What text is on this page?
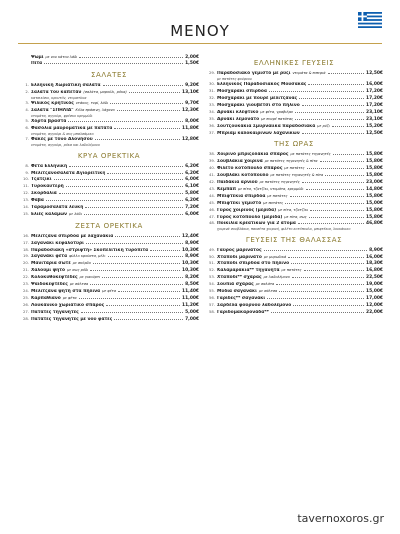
ΜΕΝΟΥ
Ψωμί με νου κάτου λάδι	2,00€
Πίτα	1,50€
ΣΑΛΑΤΕΣ
1. Ελληνική Χωριάτικη σαλάτα	9,20€
2. Σαλάτα του καπετάν (σαλάτα, μαρούλι, ρόκα)	13,10€
κατσικίσιο, κρουτόν, ντοματίνια
3. Ψιλικός κρητικός ντάκος, τυρί, λάδι	9,70€
4. Σαλάτα "ΣΠΗΛΙΑ" Κόλα πράσινη, λάχανο	12,30€
ντομάτα, αγγούρι, φρέσκο κρεμμύδι
5. Χόρτα βραστά	8,00€
6. Φασόλια μαυρομάτικα με πατάτα	11,80€
ντομάτα, αγγούρι & σος μπαλσάμικο
7. Φακές με τόνο Αλονήσου	12,80€
ντομάτα, αγγούρι, ρόκα και λαδολέμονο
ΚΡΥΑ ΟΡΕΚΤΙΚΑ
8. Φέτα Ελληνική	6,20€
9. Μελιτζανοσαλάτα Αγιορείτικη	6,20€
10. Τζατζίκι	6,00€
11. Τυροκαυτερή	6,10€
12. Σκορδαλιά	5,80€
13. Φάβα	6,20€
14. Ταραμοσαλάτα λευκή	7,20€
15. Ελιές καλαμών με λάδι	6,00€
ΖΕΣΤΑ ΟΡΕΚΤΙΚΑ
16. Μελιτζάνα σπιρδόα με λαχανάκια	12,40€
17. Σαγανάκι κεφαλοτύρι	8,90€
18. Παραδοσιακή «στριφτή» Σκοπελίτικη τυρόπιτα	10,30€
19. Σαγανάκι φέτα φύλλο κρούστα, μέλι	8,90€
20. Μανιτάρια σωτέ με σκόρδο	10,30€
21. Χαλούμι ψητό με σως ρόδι	10,30€
22. Κολοκυθοκεφτέδες με γιαούρτι	8,20€
23. Ψαιδοκεφτέδες με σάλτσα	8,50€
24. Μελιτζάνα ψητή στα πήλινα με φέτα	11,40€
25. Καρπαθιανό με φέτα	11,00€
26. Λουκάνικο χωριάτικο σπάρος	11,20€
27. Πατάτες τηγανητές	5,00€
28. Πατάτες τηγανητές με νου φάτες	7,00€
ΕΛΛΗΝΙΚΕΣ ΓΕΥΣΕΙΣ
29. Παραδοσιακό γεμιστό με ρύζι ντομάτα & πιπεριά	12,50€
με πατάτες φούρνου
30. Ελληνικός Παραδοσιακός Μουσακάς	16,00€
31. Μοσχαράκι σπιρδόα	17,20€
32. Μοσχαράκι με πουρέ μελιτζάνας	17,20€
33. Μοσχαράκι γιουβέτσι στο πήλινο	17,20€
34. Αρνάκι κλέφτικο με φέτα, γραβιέρα	23,10€
35. Αρνάκι λεμονάτο με πουρέ πατάτας	23,10€
36. Σουτζουκάκια Σμυρναίικα παραδοσιακά με ρύζι	15,20€
37. Μπριάμ καλοκαιρινών λαχανικών	12,50€
ΤΗΣ ΩΡΑΣ
38. Χοιρινό μπριζολάκια σπάρος με πατάτες τηγανητές	15,80€
39. Σουβλάκια χοιρινά με πατάτες τηγανητές & πίτα	15,80€
40. Φιλέτο κοτόπουλο σπάρος με πατάτες	15,80€
41. Σουβλάκι κοτόπουλο με πατάτες τηγανητές & πίτα	15,80€
42. Παϊδάκια αρνιού με πατάτες τηγανητές	23,00€
43. Κεμπάπ με πίτα, τζατζίκι, ντομάτα, κρεμμύδι	14,80€
44. Μπιφτέκια σπιρδόα με πατάτες	15,80€
45. Μπιφτέκι γεμιστό με πατάτες	15,00€
46. Γύρος χοιρινός (μερίδα) με πίτα, τζατζίκι	15,80€
47. Γύρος κοτόπουλο (μερίδα) με πίτα, σως	15,80€
48. Ποικιλία κρεατικών για 2 άτομα	46,80€
χοιρινά σουβλάκια, πανσέτα χοιρινή, φιλέτο κοτόπουλο, μπιφτέκια, λουκάνικο
ΓΕΥΣΕΙΣ ΤΗΣ ΘΑΛΑΣΣΑΣ
49. Γαύρος μαρινάτος	8,90€
50. Χταπόδι μαρινάτο με μυρωδικά	16,00€
51. Χταπόδι σπιρδόα στο πήλινο	18,30€
52. Καλαμαράκια** τηγανητά με πατάτες	16,80€
53. Χταπόδι** σχάρας με λαδολέμονο	22,50€
54. Σουπιά σχάρας με σαλάτα	19,00€
55. Μύδια σαγανάκι με σάλτσα	15,00€
56. Γαρίδες** σαγανάκι	17,00€
57. Σαρδέλα φούρνου λαδολέμονο	12,00€
58. Γαριδομακαρονάδα**	22,00€
tavernoxoros.gr
